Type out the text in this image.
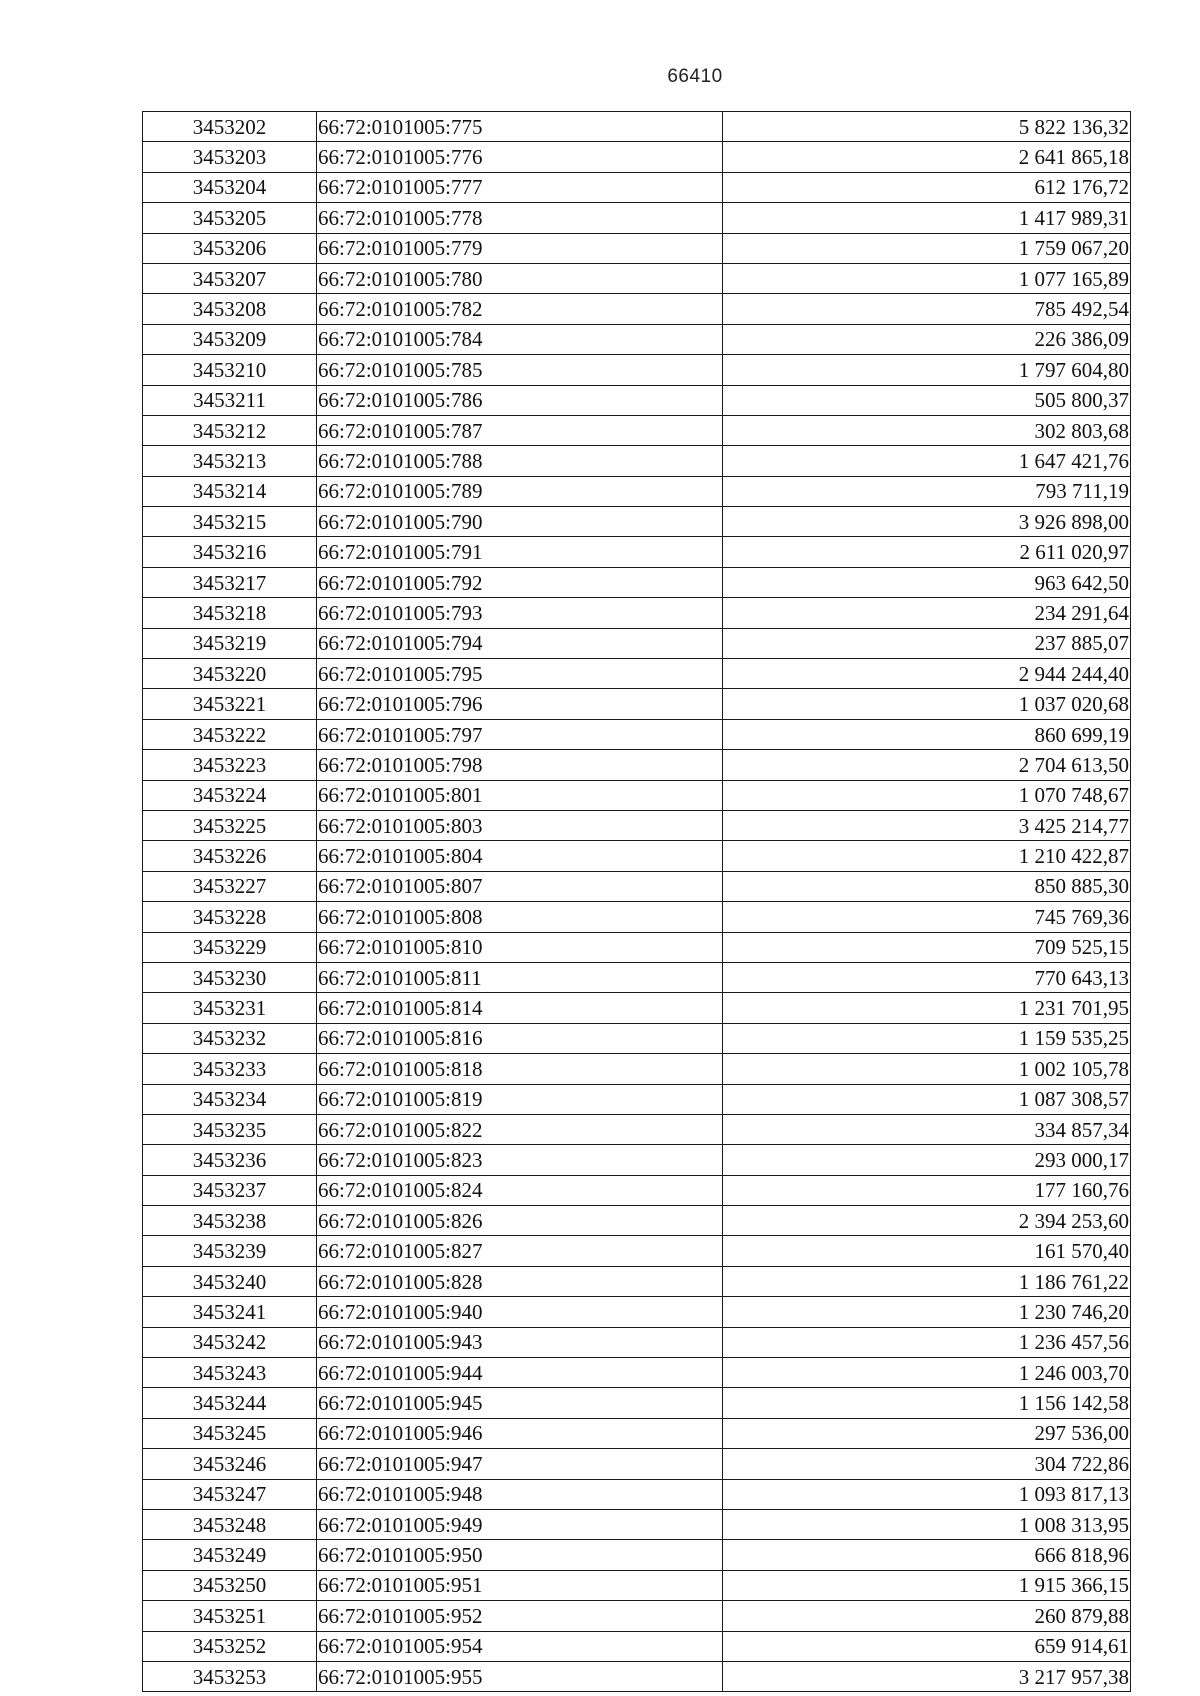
66410
3453202	66:72:0101005:775	5 822 136,32
3453203	66:72:0101005:776	2 641 865,18
3453204	66:72:0101005:777	612 176,72
3453205	66:72:0101005:778	1 417 989,31
3453206	66:72:0101005:779	1 759 067,20
3453207	66:72:0101005:780	1 077 165,89
3453208	66:72:0101005:782	785 492,54
3453209	66:72:0101005:784	226 386,09
3453210	66:72:0101005:785	1 797 604,80
3453211	66:72:0101005:786	505 800,37
3453212	66:72:0101005:787	302 803,68
3453213	66:72:0101005:788	1 647 421,76
3453214	66:72:0101005:789	793 711,19
3453215	66:72:0101005:790	3 926 898,00
3453216	66:72:0101005:791	2 611 020,97
3453217	66:72:0101005:792	963 642,50
3453218	66:72:0101005:793	234 291,64
3453219	66:72:0101005:794	237 885,07
3453220	66:72:0101005:795	2 944 244,40
3453221	66:72:0101005:796	1 037 020,68
3453222	66:72:0101005:797	860 699,19
3453223	66:72:0101005:798	2 704 613,50
3453224	66:72:0101005:801	1 070 748,67
3453225	66:72:0101005:803	3 425 214,77
3453226	66:72:0101005:804	1 210 422,87
3453227	66:72:0101005:807	850 885,30
3453228	66:72:0101005:808	745 769,36
3453229	66:72:0101005:810	709 525,15
3453230	66:72:0101005:811	770 643,13
3453231	66:72:0101005:814	1 231 701,95
3453232	66:72:0101005:816	1 159 535,25
3453233	66:72:0101005:818	1 002 105,78
3453234	66:72:0101005:819	1 087 308,57
3453235	66:72:0101005:822	334 857,34
3453236	66:72:0101005:823	293 000,17
3453237	66:72:0101005:824	177 160,76
3453238	66:72:0101005:826	2 394 253,60
3453239	66:72:0101005:827	161 570,40
3453240	66:72:0101005:828	1 186 761,22
3453241	66:72:0101005:940	1 230 746,20
3453242	66:72:0101005:943	1 236 457,56
3453243	66:72:0101005:944	1 246 003,70
3453244	66:72:0101005:945	1 156 142,58
3453245	66:72:0101005:946	297 536,00
3453246	66:72:0101005:947	304 722,86
3453247	66:72:0101005:948	1 093 817,13
3453248	66:72:0101005:949	1 008 313,95
3453249	66:72:0101005:950	666 818,96
3453250	66:72:0101005:951	1 915 366,15
3453251	66:72:0101005:952	260 879,88
3453252	66:72:0101005:954	659 914,61
3453253	66:72:0101005:955	3 217 957,38
